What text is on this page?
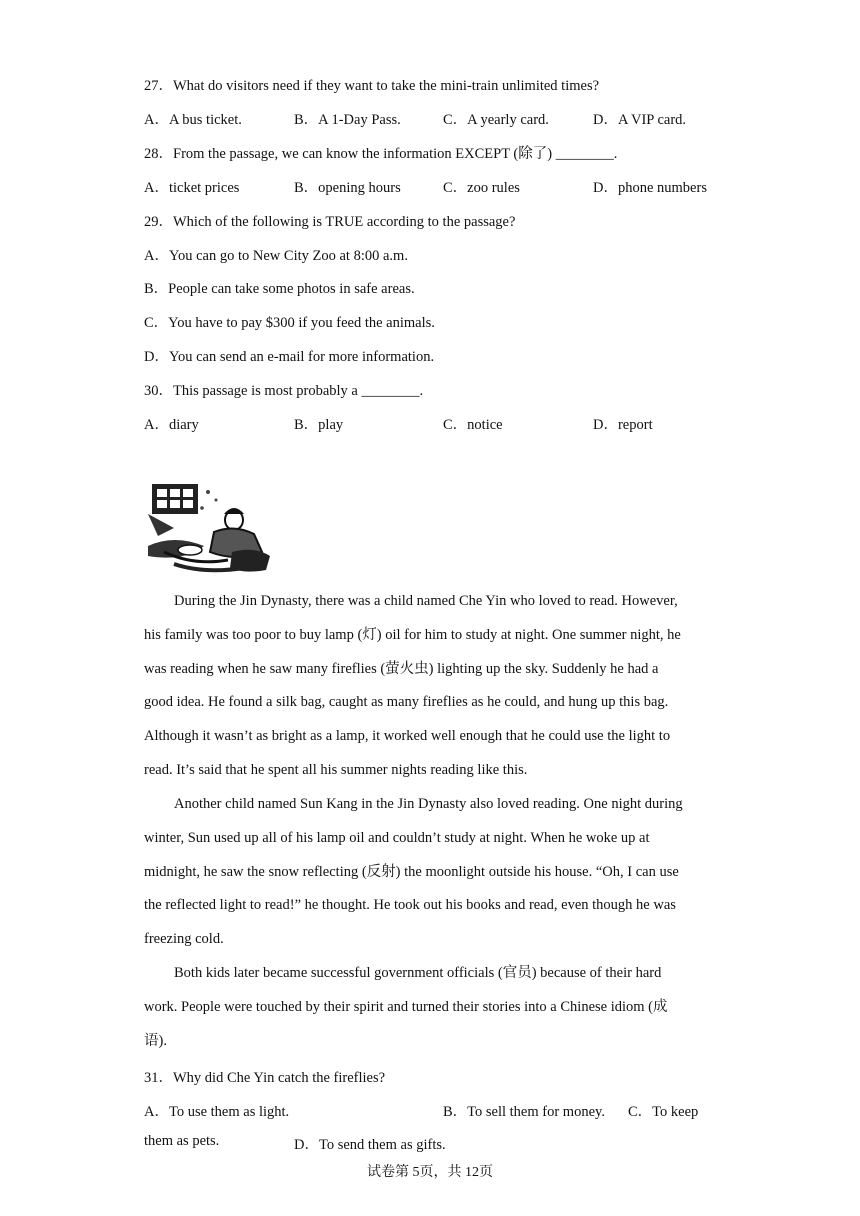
27．What do visitors need if they want to take the mini-train unlimited times?
A．A bus ticket.	B．A 1-Day Pass.	C．A yearly card.	D．A VIP card.
28．From the passage, we can know the information EXCEPT (除了) ________.
A．ticket prices	B．opening hours	C．zoo rules	D．phone numbers
29．Which of the following is TRUE according to the passage?
A．You can go to New City Zoo at 8:00 a.m.
B．People can take some photos in safe areas.
C．You have to pay $300 if you feed the animals.
D．You can send an e-mail for more information.
30．This passage is most probably a ________.
A．diary	B．play	C．notice	D．report
During the Jin Dynasty, there was a child named Che Yin who loved to read. However,
his family was too poor to buy lamp (灯) oil for him to study at night. One summer night, he
was reading when he saw many fireflies (萤火虫) lighting up the sky. Suddenly he had a
good idea. He found a silk bag, caught as many fireflies as he could, and hung up this bag.
Although it wasn’t as bright as a lamp, it worked well enough that he could use the light to
read. It’s said that he spent all his summer nights reading like this.
Another child named Sun Kang in the Jin Dynasty also loved reading. One night during
winter, Sun used up all of his lamp oil and couldn’t study at night. When he woke up at
midnight, he saw the snow reflecting (反射) the moonlight outside his house. “Oh, I can use
the reflected light to read!” he thought. He took out his books and read, even though he was
freezing cold.
Both kids later became successful government officials (官员) because of their hard
work. People were touched by their spirit and turned their stories into a Chinese idiom (成
语).
31．Why did Che Yin catch the fireflies?
A．To use them as light.	B．To sell them for money. C．To keep
them as pets.	D．To send them as gifts.
试卷第 5页，共 12页
